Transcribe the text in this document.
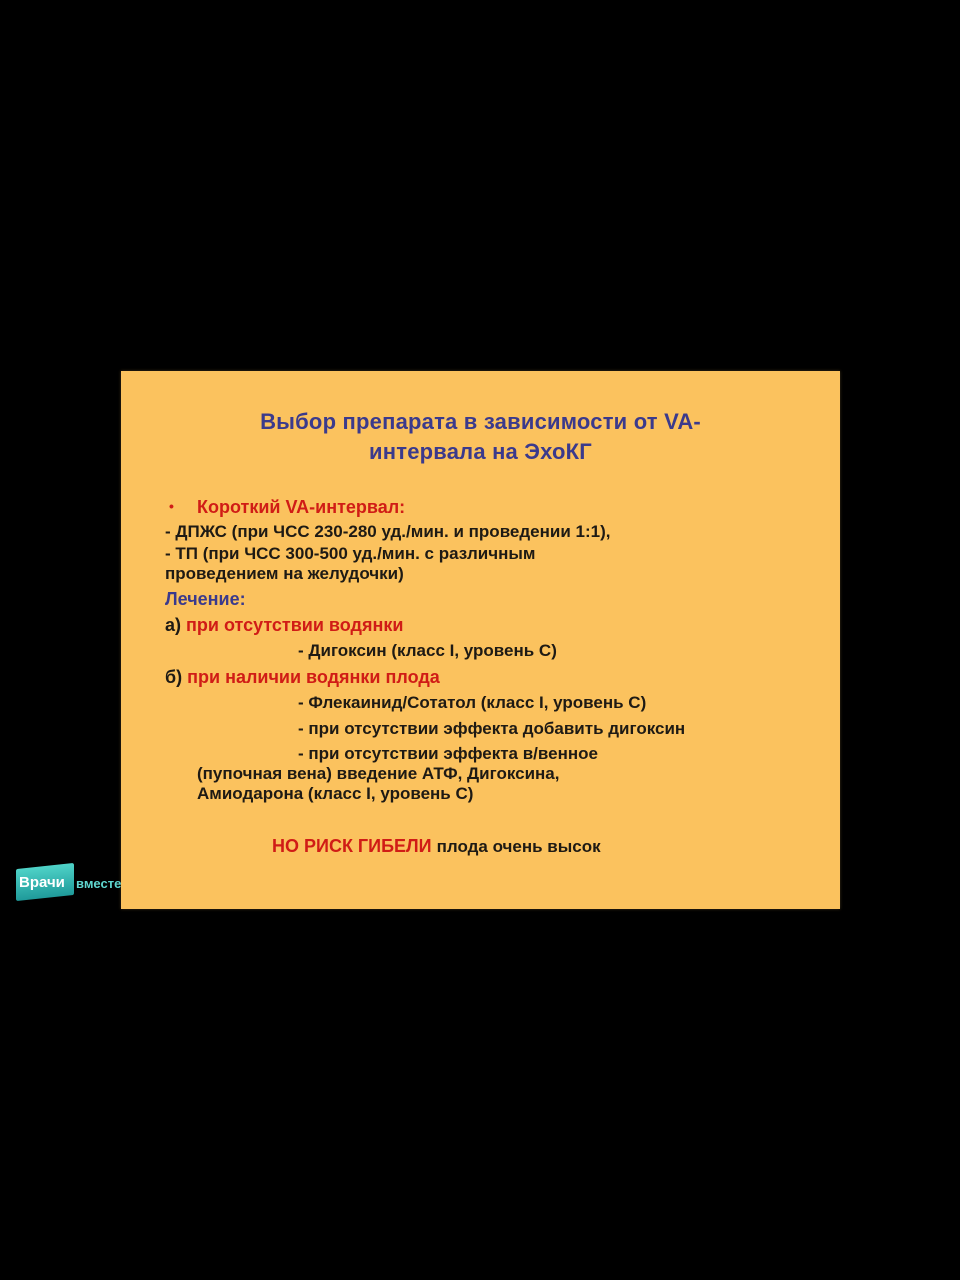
Выбор препарата в зависимости от VA-
интервала на ЭхоКГ
• Короткий VA-интервал:
- ДПЖС (при ЧСС 230-280 уд./мин. и проведении 1:1),
- ТП (при ЧСС 300-500 уд./мин. с различным
проведением на желудочки)
Лечение:
а) при отсутствии водянки
- Дигоксин (класс I, уровень С)
б) при наличии водянки плода
- Флекаинид/Сотатол (класс I, уровень С)
- при отсутствии эффекта добавить дигоксин
- при отсутствии эффекта в/венное
(пупочная вена) введение АТФ, Дигоксина,
Амиодарона (класс I, уровень С)
НО РИСК ГИБЕЛИ плода очень высок
Врачи вместе
